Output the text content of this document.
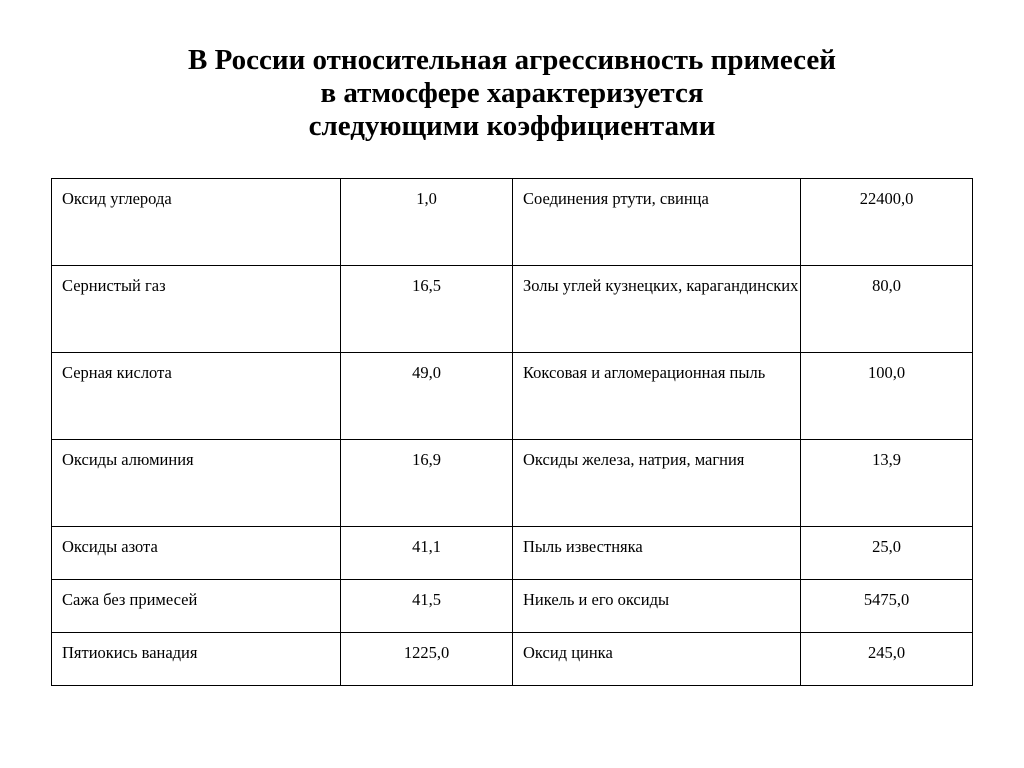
В России относительная агрессивность примесей
в атмосфере характеризуется
следующими коэффициентами
Оксид углерода	1,0	Соединения ртути, свинца	22400,0
Сернистый газ	16,5	Золы углей кузнецких, карагандинских	80,0
Серная кислота	49,0	Коксовая и агломерационная пыль	100,0
Оксиды алюминия	16,9	Оксиды железа, натрия, магния	13,9
Оксиды азота	41,1	Пыль известняка	25,0
Сажа без примесей	41,5	Никель и его оксиды	5475,0
Пятиокись ванадия	1225,0	Оксид цинка	245,0
